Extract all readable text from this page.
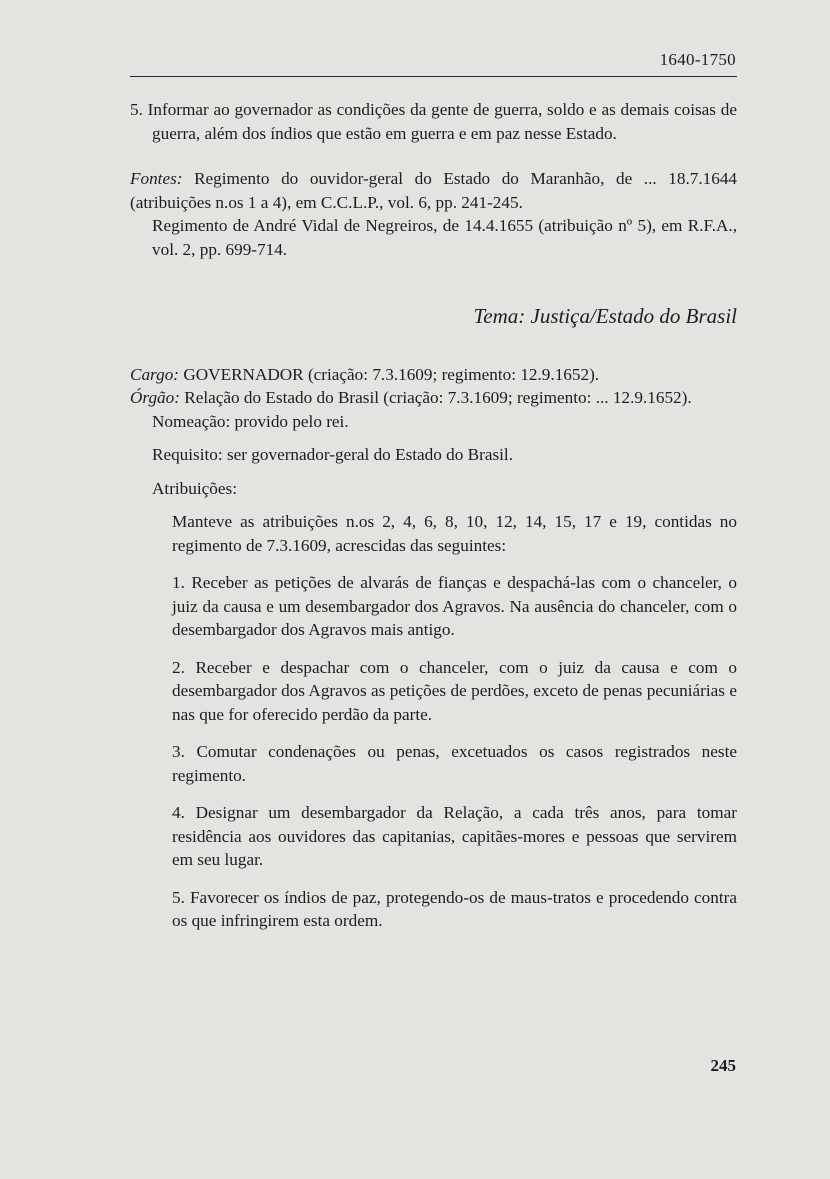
1640-1750

5. Informar ao governador as condições da gente de guerra, soldo e as demais coisas de guerra, além dos índios que estão em guerra e em paz nesse Estado.

Fontes: Regimento do ouvidor-geral do Estado do Maranhão, de ... 18.7.1644 (atribuições n.os 1 a 4), em C.C.L.P., vol. 6, pp. 241-245.

Regimento de André Vidal de Negreiros, de 14.4.1655 (atribuição nº 5), em R.F.A., vol. 2, pp. 699-714.

Tema: Justiça/Estado do Brasil

Cargo: GOVERNADOR (criação: 7.3.1609; regimento: 12.9.1652).

Órgão: Relação do Estado do Brasil (criação: 7.3.1609; regimento: ... 12.9.1652).

Nomeação: provido pelo rei.

Requisito: ser governador-geral do Estado do Brasil.

Atribuições:

Manteve as atribuições n.os 2, 4, 6, 8, 10, 12, 14, 15, 17 e 19, contidas no regimento de 7.3.1609, acrescidas das seguintes:

1. Receber as petições de alvarás de fianças e despachá-las com o chanceler, o juiz da causa e um desembargador dos Agravos. Na ausência do chanceler, com o desembargador dos Agravos mais antigo.

2. Receber e despachar com o chanceler, com o juiz da causa e com o desembargador dos Agravos as petições de perdões, exceto de penas pecuniárias e nas que for oferecido perdão da parte.

3. Comutar condenações ou penas, excetuados os casos registrados neste regimento.

4. Designar um desembargador da Relação, a cada três anos, para tomar residência aos ouvidores das capitanias, capitães-mores e pessoas que servirem em seu lugar.

5. Favorecer os índios de paz, protegendo-os de maus-tratos e procedendo contra os que infringirem esta ordem.

245
